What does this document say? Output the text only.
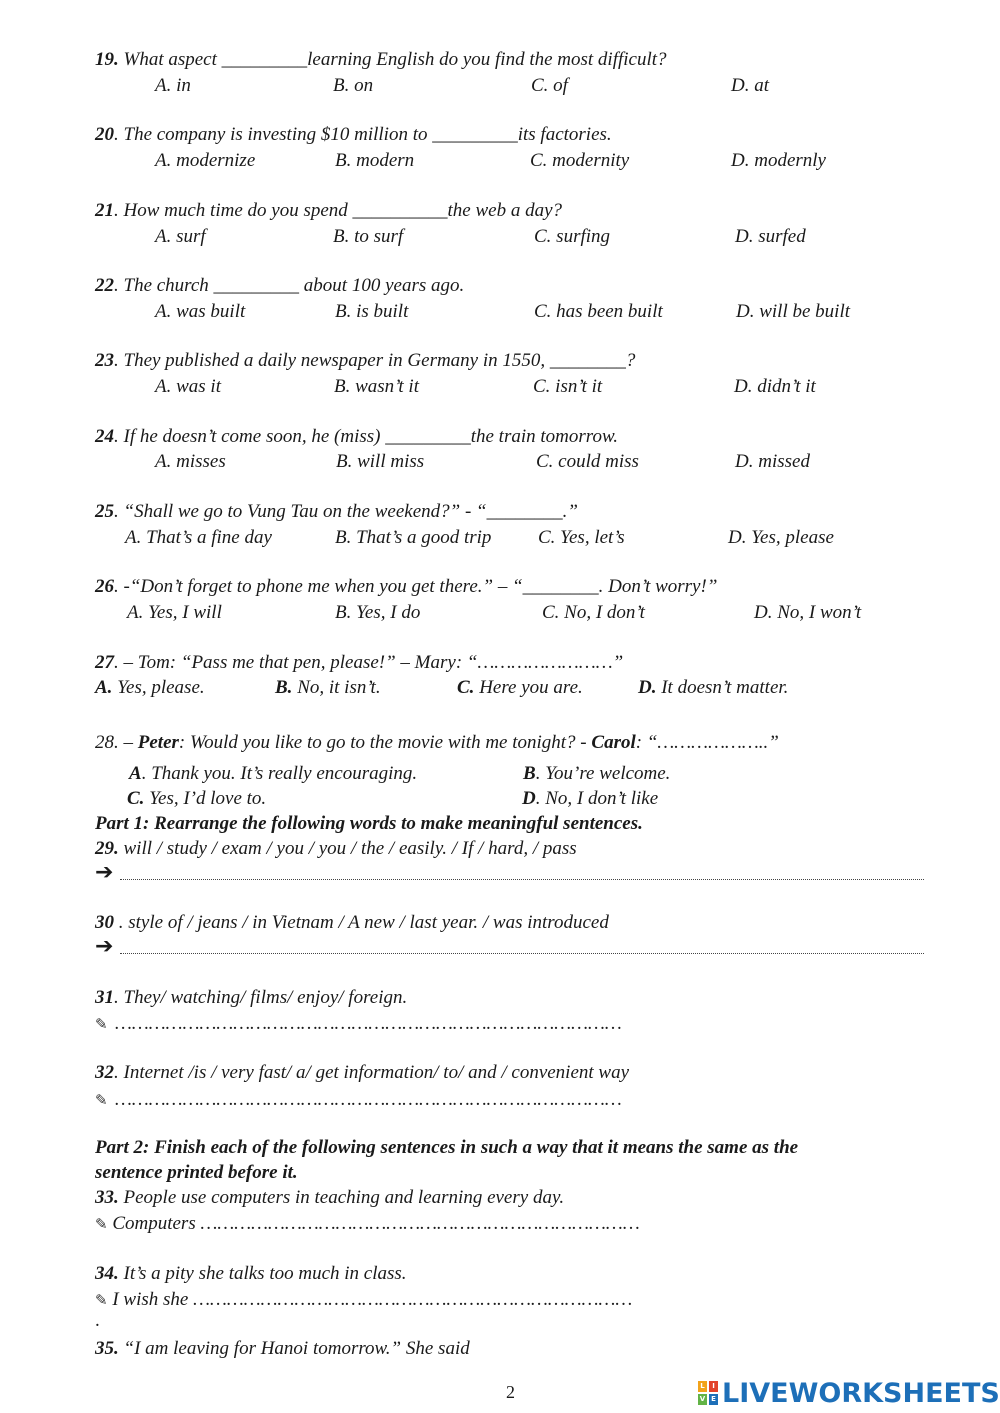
19. What aspect _________learning English do you find the most difficult?
A. in	B. on	C. of	D. at
20. The company is investing $10 million to _________its factories.
A. modernize	B. modern	C. modernity	D. modernly
21. How much time do you spend __________the web a day?
A. surf	B. to surf	C. surfing	D. surfed
22. The church _________ about 100 years ago.
A. was built	B. is built	C. has been built	D. will be built
23. They published a daily newspaper in Germany in 1550, ________?
A. was it	B. wasn’t it	C. isn’t it	D. didn’t it
24. If he doesn’t come soon, he (miss) _________the train tomorrow.
A. misses	B. will miss	C. could miss	D. missed
25. “Shall we go to Vung Tau on the weekend?” - “________.”
A. That’s a fine day	B. That’s a good trip C. Yes, let’s	D. Yes, please
26. -“Don’t forget to phone me when you get there.” – “________. Don’t worry!”
A. Yes, I will	B. Yes, I do	C. No, I don’t	D. No, I won’t
27. – Tom: “Pass me that pen, please!” – Mary: “……………………”
A. Yes, please.	B. No, it isn’t.	C. Here you are.	D. It doesn’t matter.
28. – Peter: Would you like to go to the movie with me tonight? - Carol: “………………..”
A. Thank you. It’s really encouraging.	B. You’re welcome.
C. Yes, I’d love to.	D. No, I don’t like
Part 1: Rearrange the following words to make meaningful sentences.
29. will / study / exam / you / you / the / easily. / If / hard, / pass
➔
30 . style of / jeans / in Vietnam / A new / last year. / was introduced
➔
31. They/ watching/ films/ enjoy/ foreign.
✎ ………………………………………………………………………………
32. Internet /is / very fast/ a/ get information/ to/ and / convenient way
✎ ………………………………………………………………………………
Part 2: Finish each of the following sentences in such a way that it means the same as the
sentence printed before it.
33. People use computers in teaching and learning every day.
✎ Computers ……………………………………………………………………
34. It’s a pity she talks too much in class.
✎ I wish she ……………………………………………………………………
.
35. “I am leaving for Hanoi tomorrow.” She said
2	L	I
V E LIVEWORKSHEETS
